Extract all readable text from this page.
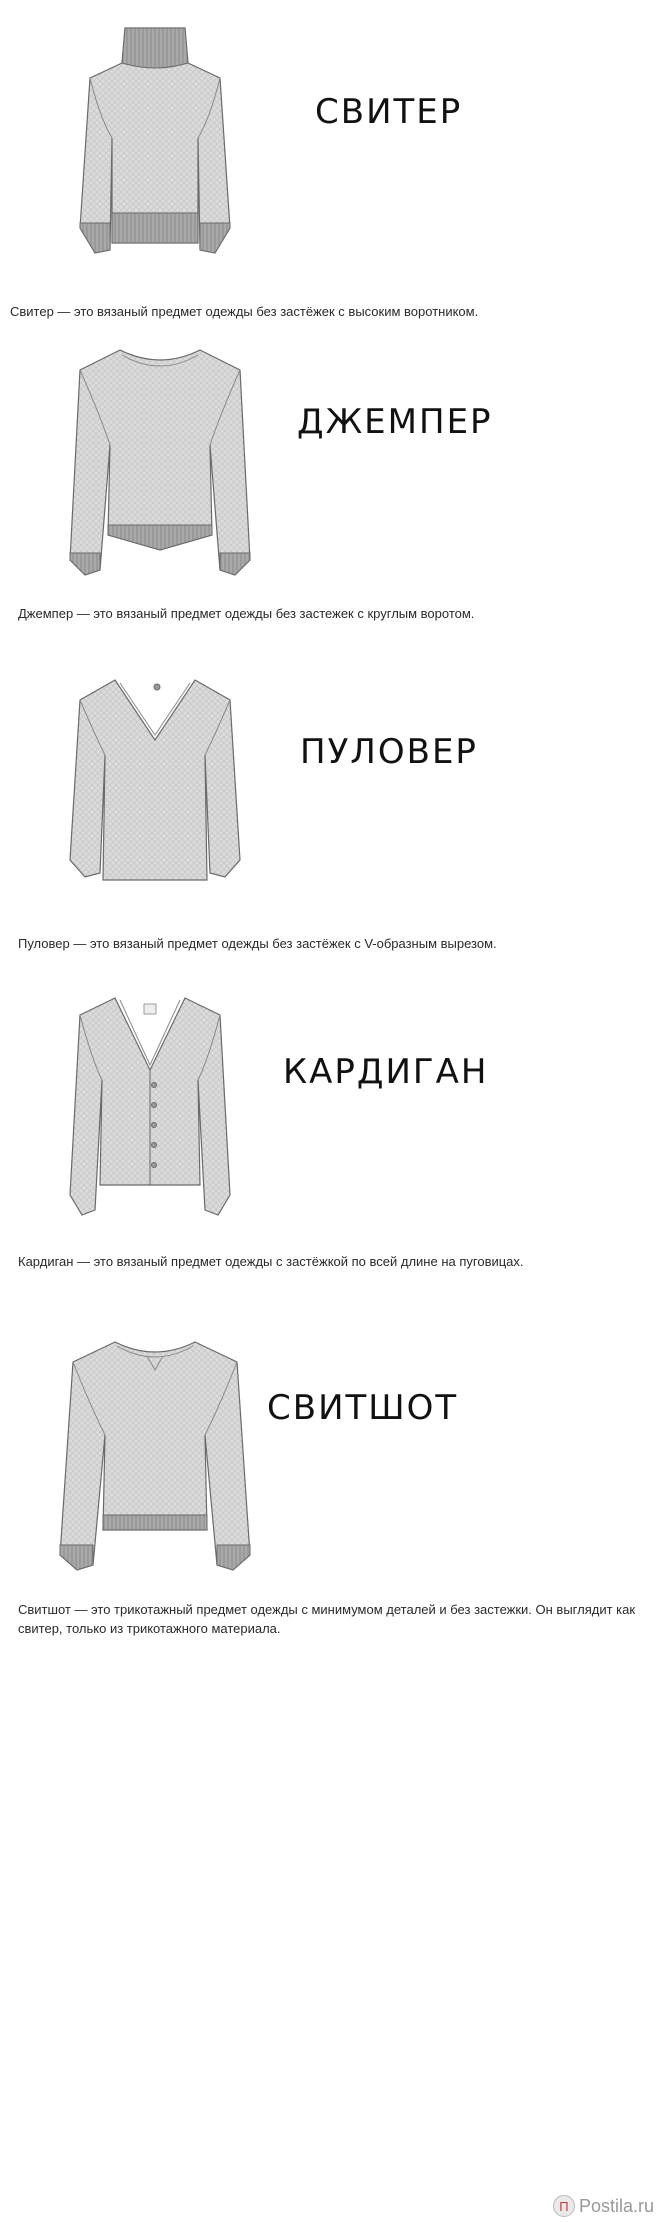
СВИТЕР
Свитер — это вязаный предмет одежды без застёжек с высоким воротником.
ДЖЕМПЕР
Джемпер — это вязаный предмет одежды без застежек с круглым воротом.
ПУЛОВЕР
Пуловер — это вязаный предмет одежды без застёжек с V-образным вырезом.
КАРДИГАН
Кардиган — это вязаный предмет одежды с застёжкой по всей длине на пуговицах.
СВИТШОТ
Свитшот — это трикотажный предмет одежды с минимумом деталей и без застежки. Он выглядит как свитер, только из трикотажного материала.
П Postila.ru
